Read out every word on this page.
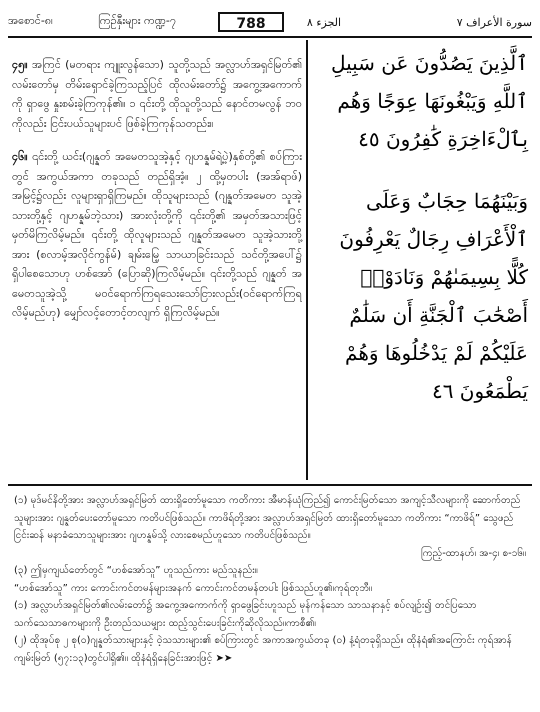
အစောင်-၈၊	ကြဉ်နှီးများ ကဏ္ဍ-၇	788	الجزء ٨	سورة الأعراف ٧

၄၅။ အကြင် (မတရား ကျူးလွန်သော) သူတို့သည် အလ္လာဟ်အရှင်မြတ်၏ လမ်းတော်မှ တိမ်းရှောင်ခဲ့ကြသည့်ပြင် ထိုလမ်းတော်၌ အကွေ့အကောက်ကို ရှာဖွေ နှုးစမ်းခဲ့ကြကုန်၏။ ၁ ၎င်းတို့ ထိုသူတို့သည် နောင်တမလွန် ဘဝကိုလည်း ငြင်းပယ်သူများပင် ဖြစ်ခဲ့ကြကုန်သတည်း။

၄၆။ ၎င်းတို့ ယင်း(ဂျန္နတ် အမေတသူအဲ့နှင့် ဂျဟန္နမ်ရဲ့ပဲ့)နှစ်တို့၏ စပ်ကြားတွင် အကွယ်အကာ တခုသည် တည်ရှိအံ့။ ၂ ထို့မှတပါး (အအ်ရာဖ်) အမြင့်၌လည်း လူများရှာရှိကြမည်။ ထိုသူများသည် (ဂျန္နတ်အမေတ သူအဲ့သားတို့နှင့် ဂျဟန္နမ်ဘဲ့သား) အားလုံးတို့ကို ၎င်းတို့၏ အမှတ်အသားဖြင့် မှတ်မိကြလိမ့်မည်။ ၎င်းတို့ ထိုလူများသည် ဂျန္နတ်အမေတ သူအဲ့သားတို့အား (စလာမ့်အလိုင်ကွန်မ်) ချမ်းမြေ့ သာယာခြင်းသည် သင်တို့အပေါ်၌ ရှိပါစေသောဟု ဟစ်အော် (ပြောဆို)ကြလိမ့်မည်။ ၎င်းတို့သည် ဂျန္နတ် အမေတသူအဲ့သို့ မဝင်ရောက်ကြရသေးသော်ငြားလည်း(ဝင်ရောက်ကြရလိမ့်မည်ဟု) မျှော်လင့်တောင့်တလျက် ရှိကြလိမ့်မည်။

ٱلَّذِينَ يَصُدُّونَ عَن سَبِيلِ ٱللَّهِ وَيَبْغُونَهَا عِوَجًا وَهُم بِٱلْءَاخِرَةِ كَٰفِرُونَ ٤٥
وَبَيْنَهُمَا حِجَابٌ وَعَلَى ٱلْأَعْرَافِ رِجَالٌ يَعْرِفُونَ كُلًّا بِسِيمَىٰهُمْ وَنَادَوْا۟ أَصْحَٰبَ ٱلْجَنَّةِ أَن سَلَٰمٌ عَلَيْكُمْ لَمْ يَدْخُلُوهَا وَهُمْ يَطْمَعُونَ ٤٦

(၁) မုဒ်မင်နိတို့အား အလ္လာဟ်အရှင်မြတ် ထားရှိတော်မူသော ကတိကား အီမာန်ယုံကြည်၍ ကောင်းမြတ်သော အကျင့်သီလများကို ဆောက်တည်သူများအား ဂျန္နတ်ပေးတော်မူသော ကတိပင်ဖြစ်သည်။ ကာဖိရ်တို့အား အလ္လာဟ်အရှင်မြတ် ထားရှိတော်မူသော ကတိကား “ကာဖိရ်” သွေဖည်ငြင်းဆန် မနာခံသောသူများအား ဂျဟန္နမ်သို့ လားစေမည်ဟူသော ကတိပင်ဖြစ်သည်။
ကြည့်-ထာနဟ်၊ အ-၄၊ စ-၁၆။

(၃) ဤမှကျယ်တော်တွင် “ဟစ်အော်သူ” ဟူသည်ကား မည်သူနည်း။

“ဟစ်အော်သူ” ကား ကောင်းကင်တမန်များအနက် ကောင်းကင်တမန်တပါး ဖြစ်သည်ဟူ၏၊ကုရ်တုဘီ။

(၁) အလ္လာဟ်အရှင်မြတ်၏လမ်းတော်၌ အကွေ့အကောက်ကို ရှာဖွေခြင်းဟူသည် မုန်ကန်သော သာသနာနှင့် စပ်လျဉ်း၍ တင်ပြသောသက်သေသာဓကများကို ဦးတည်သယမျှား ထည့်သွင်းပေးခြင်းကိုဆိုလိုသည်။ကာစီ၏၊

(၂) ထိုအုပ်စု ၂ စု(ဝ)ဂျန္နတ်သားများနှင့် ဝဲ့သသားများ၏ စပ်ကြားတွင် အကာအကွယ်တခု (ဝ) နံ့ရံတခုရှိသည်။ ထိုနံရံ၏အကြောင်း ကုရ်အာန်ကျမ်းမြတ် (၅၇:၁၃)တွင်ပါရှိ၏။ ထိုနံရံရှိနေခြင်းအားဖြင့် ➤➤
